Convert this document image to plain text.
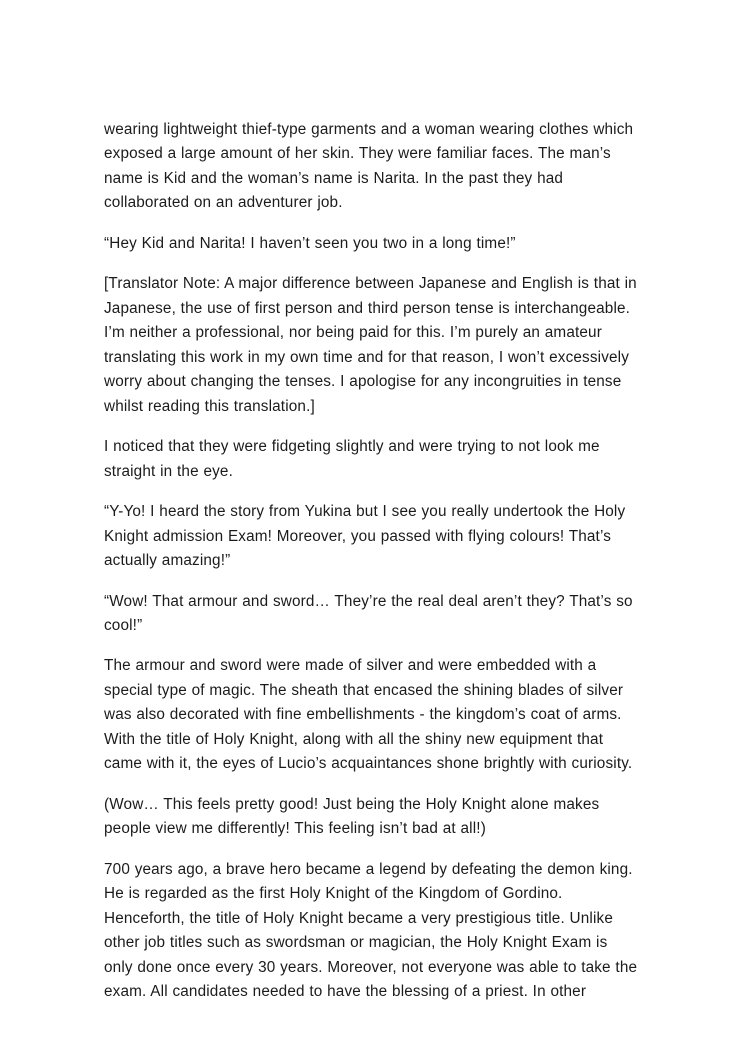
wearing lightweight thief-type garments and a woman wearing clothes which exposed a large amount of her skin. They were familiar faces. The man’s name is Kid and the woman’s name is Narita. In the past they had collaborated on an adventurer job.

“Hey Kid and Narita! I haven’t seen you two in a long time!”

[Translator Note: A major difference between Japanese and English is that in Japanese, the use of first person and third person tense is interchangeable. I’m neither a professional, nor being paid for this. I’m purely an amateur translating this work in my own time and for that reason, I won’t excessively worry about changing the tenses. I apologise for any incongruities in tense whilst reading this translation.]

I noticed that they were fidgeting slightly and were trying to not look me straight in the eye.

“Y-Yo! I heard the story from Yukina but I see you really undertook the Holy Knight admission Exam! Moreover, you passed with flying colours! That’s actually amazing!”

“Wow! That armour and sword… They’re the real deal aren’t they? That’s so cool!”

The armour and sword were made of silver and were embedded with a special type of magic. The sheath that encased the shining blades of silver was also decorated with fine embellishments - the kingdom’s coat of arms. With the title of Holy Knight, along with all the shiny new equipment that came with it, the eyes of Lucio’s acquaintances shone brightly with curiosity.

(Wow… This feels pretty good! Just being the Holy Knight alone makes people view me differently! This feeling isn’t bad at all!)

700 years ago, a brave hero became a legend by defeating the demon king. He is regarded as the first Holy Knight of the Kingdom of Gordino. Henceforth, the title of Holy Knight became a very prestigious title. Unlike other job titles such as swordsman or magician, the Holy Knight Exam is only done once every 30 years. Moreover, not everyone was able to take the exam. All candidates needed to have the blessing of a priest. In other
